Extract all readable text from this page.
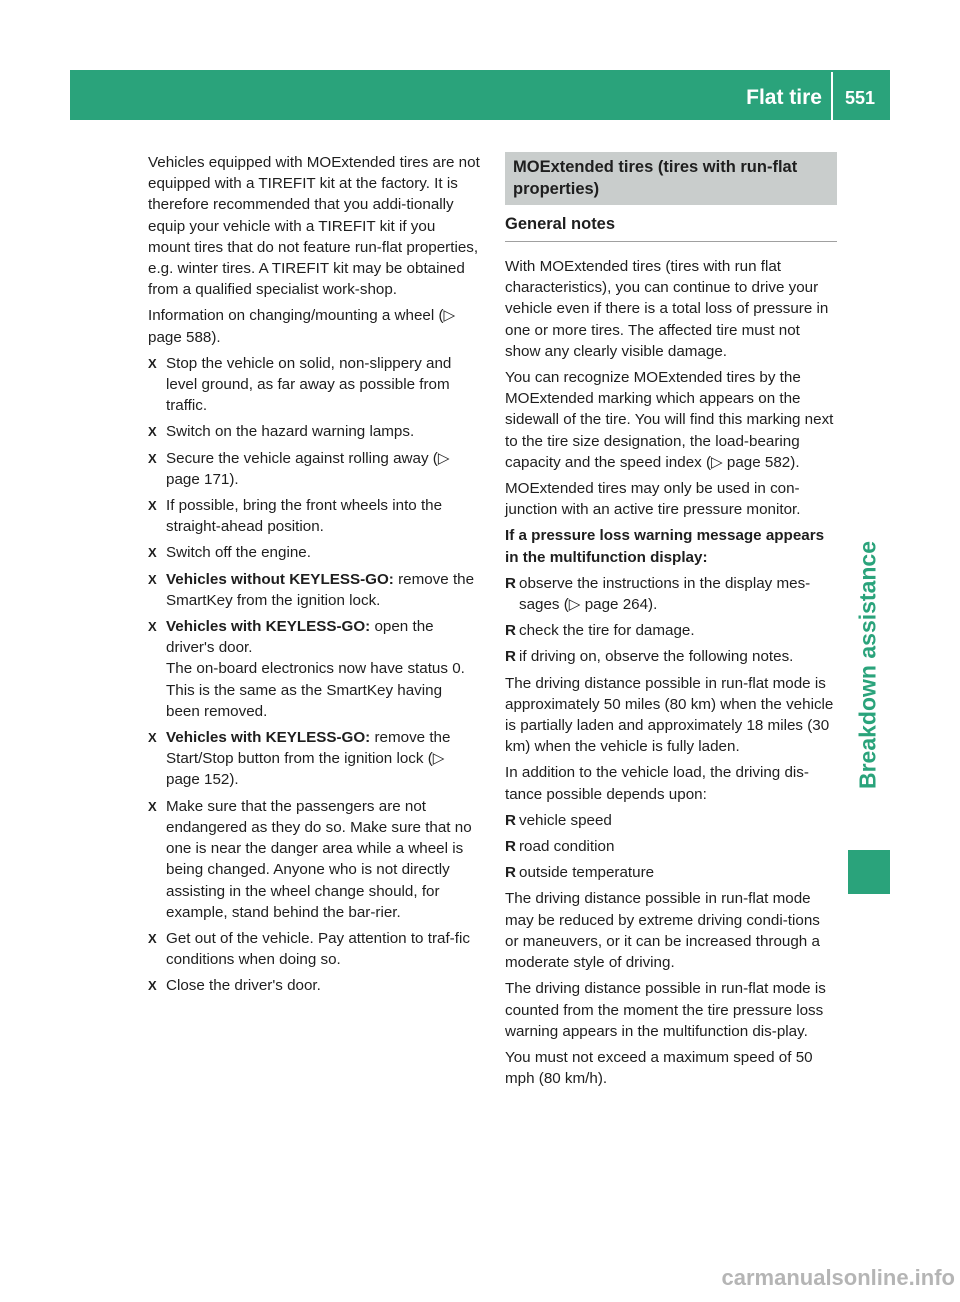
Flat tire	551
Breakdown assistance

Vehicles equipped with MOExtended tires are not equipped with a TIREFIT kit at the factory. It is therefore recommended that you addi-tionally equip your vehicle with a TIREFIT kit if you mount tires that do not feature run-flat properties, e.g. winter tires. A TIREFIT kit may be obtained from a qualified specialist work-shop.

Information on changing/mounting a wheel (▷ page 588).

X Stop the vehicle on solid, non-slippery and level ground, as far away as possible from traffic.
X Switch on the hazard warning lamps.
X Secure the vehicle against rolling away (▷ page 171).
X If possible, bring the front wheels into the straight-ahead position.
X Switch off the engine.
X Vehicles without KEYLESS-GO: remove the SmartKey from the ignition lock.
X Vehicles with KEYLESS-GO: open the driver's door.
The on-board electronics now have status 0. This is the same as the SmartKey having been removed.
X Vehicles with KEYLESS-GO: remove the Start/Stop button from the ignition lock (▷ page 152).
X Make sure that the passengers are not endangered as they do so. Make sure that no one is near the danger area while a wheel is being changed. Anyone who is not directly assisting in the wheel change should, for example, stand behind the bar-rier.
X Get out of the vehicle. Pay attention to traf-fic conditions when doing so.
X Close the driver's door.
MOExtended tires (tires with run-flat properties)
General notes

With MOExtended tires (tires with run flat characteristics), you can continue to drive your vehicle even if there is a total loss of pressure in one or more tires. The affected tire must not show any clearly visible damage.

You can recognize MOExtended tires by the MOExtended marking which appears on the sidewall of the tire. You will find this marking next to the tire size designation, the load-bearing capacity and the speed index (▷ page 582).

MOExtended tires may only be used in con-junction with an active tire pressure monitor.

If a pressure loss warning message appears in the multifunction display:

R observe the instructions in the display mes-sages (▷ page 264).
R check the tire for damage.
R if driving on, observe the following notes.

The driving distance possible in run-flat mode is approximately 50 miles (80 km) when the vehicle is partially laden and approximately 18 miles (30 km) when the vehicle is fully laden.

In addition to the vehicle load, the driving dis-tance possible depends upon:

R vehicle speed
R road condition
R outside temperature

The driving distance possible in run-flat mode may be reduced by extreme driving condi-tions or maneuvers, or it can be increased through a moderate style of driving.

The driving distance possible in run-flat mode is counted from the moment the tire pressure loss warning appears in the multifunction dis-play.

You must not exceed a maximum speed of 50 mph (80 km/h).

carmanualsonline.info
